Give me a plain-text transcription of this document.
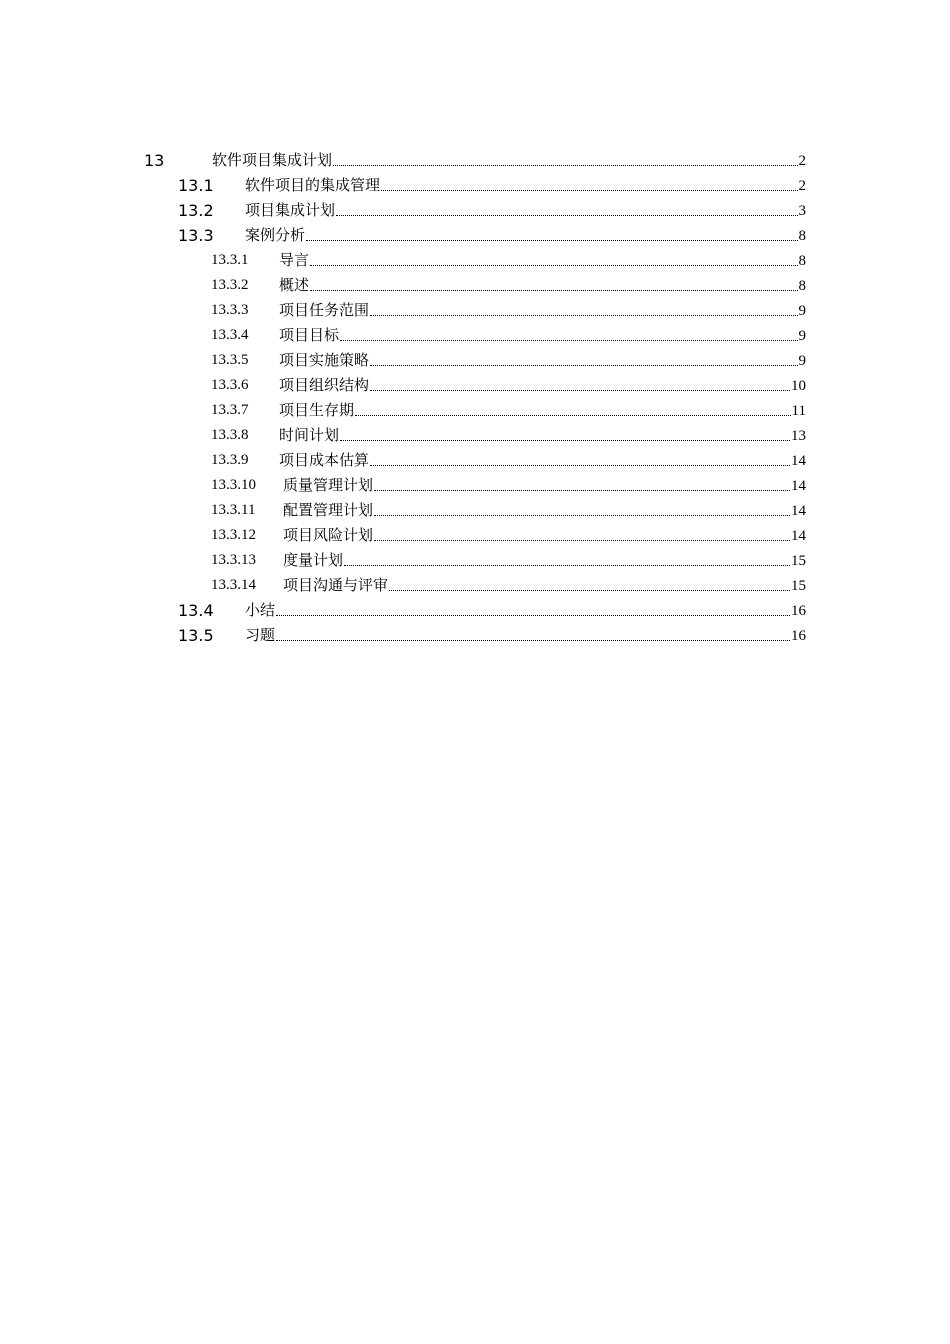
13	软件项目集成计划	2
13.1 软件项目的集成管理	2
13.2 项目集成计划	3
13.3 案例分析	8
13.3.1 导言	8
13.3.2 概述	8
13.3.3 项目任务范围	9
13.3.4 项目目标	9
13.3.5 项目实施策略	9
13.3.6 项目组织结构	10
13.3.7 项目生存期	11
13.3.8 时间计划	13
13.3.9 项目成本估算	14
13.3.10 质量管理计划	14
13.3.11 配置管理计划	14
13.3.12 项目风险计划	14
13.3.13 度量计划	15
13.3.14 项目沟通与评审	15
13.4 小结	16
13.5 习题	16
